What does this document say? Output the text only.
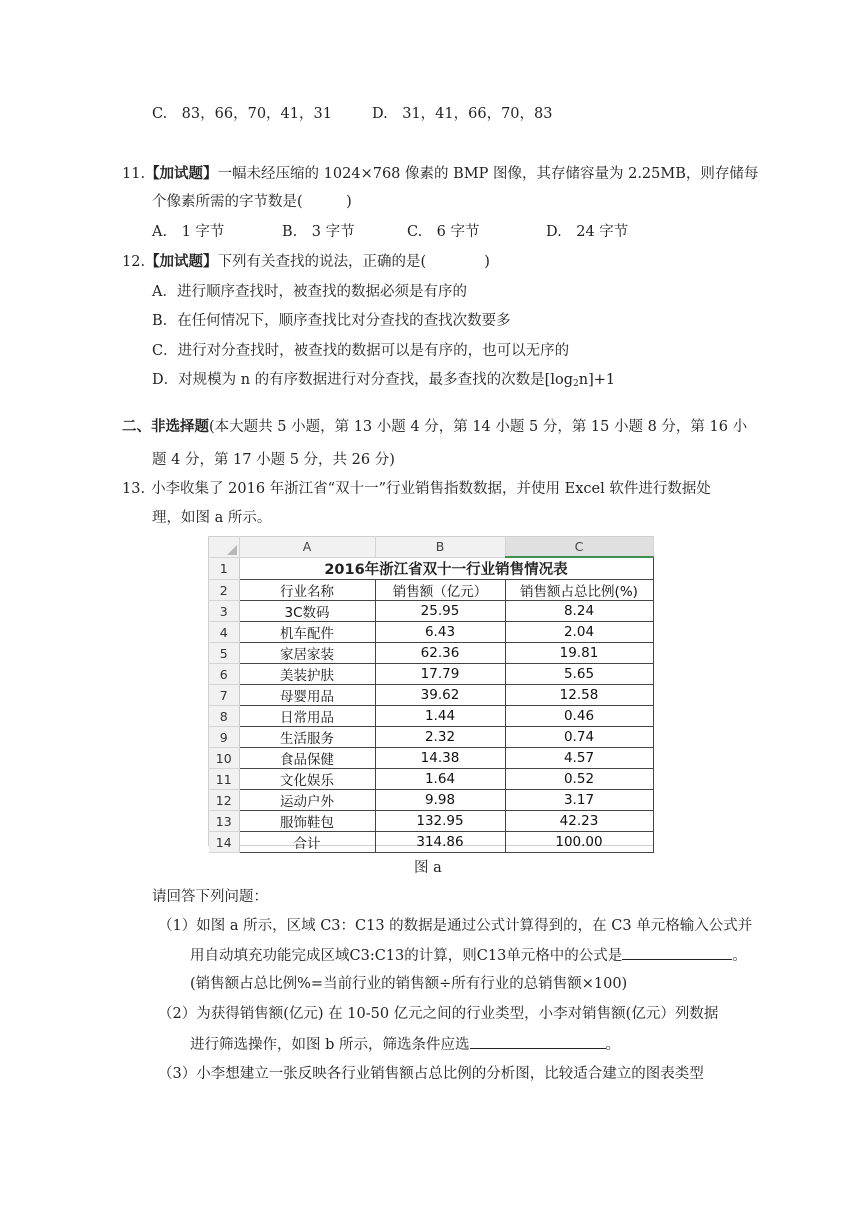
C.　83，66，70，41，31	D.　31，41，66，70，83
11.【加试题】一幅未经压缩的 1024×768 像素的 BMP 图像，其存储容量为 2.25MB，则存储每
个像素所需的字节数是(　　　)
A.　1 字节	B.　3 字节	C.　6 字节	D.　24 字节
12.【加试题】下列有关查找的说法，正确的是(　　　　)
A．进行顺序查找时，被查找的数据必须是有序的
B．在任何情况下，顺序查找比对分查找的查找次数要多
C．进行对分查找时，被查找的数据可以是有序的，也可以无序的
D．对规模为 n 的有序数据进行对分查找，最多查找的次数是$[\log_2n]+1$
二、非选择题(本大题共 5 小题，第 13 小题 4 分，第 14 小题 5 分，第 15 小题 8 分，第 16 小
题 4 分，第 17 小题 5 分，共 26 分)
13. 小李收集了 2016 年浙江省“双十一”行业销售指数数据，并使用 Excel 软件进行数据处
理，如图 a 所示。
	A	B	C
1	2016年浙江省双十一行业销售情况表		
2	行业名称	销售额（亿元）	销售额占总比例(%)
3	3C数码	25.95	8.24
4	机车配件	6.43	2.04
5	家居家装	62.36	19.81
6	美装护肤	17.79	5.65
7	母婴用品	39.62	12.58
8	日常用品	1.44	0.46
9	生活服务	2.32	0.74
10	食品保健	14.38	4.57
11	文化娱乐	1.64	0.52
12	运动户外	9.98	3.17
13	服饰鞋包	132.95	42.23
14	合计	314.86	100.00
图 a
请回答下列问题：
（1）如图 a 所示，区域 C3：C13 的数据是通过公式计算得到的，在 C3 单元格输入公式并
用自动填充功能完成区域C3:C13的计算，则C13单元格中的公式是	。
(销售额占总比例%=当前行业的销售额÷所有行业的总销售额×100)
（2）为获得销售额(亿元) 在 10-50 亿元之间的行业类型，小李对销售额(亿元）列数据
进行筛选操作，如图 b 所示，筛选条件应选	。
（3）小李想建立一张反映各行业销售额占总比例的分析图，比较适合建立的图表类型
